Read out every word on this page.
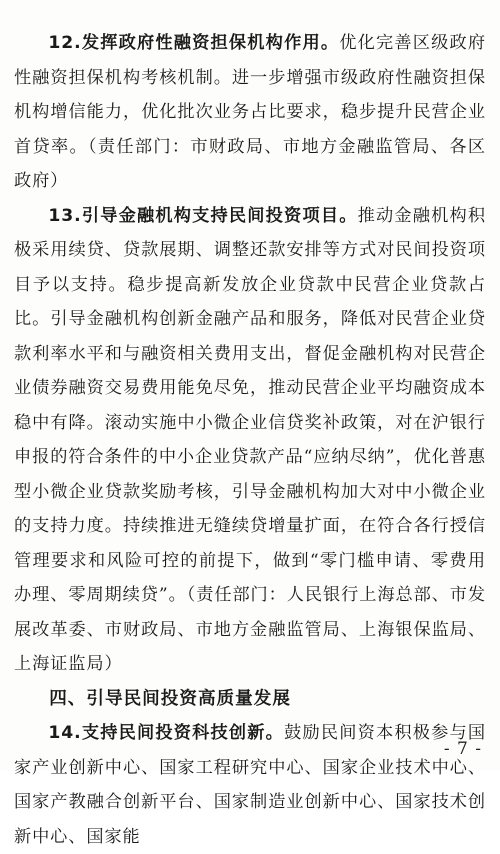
12.发挥政府性融资担保机构作用。优化完善区级政府性融资担保机构考核机制。进一步增强市级政府性融资担保机构增信能力，优化批次业务占比要求，稳步提升民营企业首贷率。（责任部门：市财政局、市地方金融监管局、各区政府）

13.引导金融机构支持民间投资项目。推动金融机构积极采用续贷、贷款展期、调整还款安排等方式对民间投资项目予以支持。稳步提高新发放企业贷款中民营企业贷款占比。引导金融机构创新金融产品和服务，降低对民营企业贷款利率水平和与融资相关费用支出，督促金融机构对民营企业债券融资交易费用能免尽免，推动民营企业平均融资成本稳中有降。滚动实施中小微企业信贷奖补政策，对在沪银行申报的符合条件的中小企业贷款产品“应纳尽纳”，优化普惠型小微企业贷款奖励考核，引导金融机构加大对中小微企业的支持力度。持续推进无缝续贷增量扩面，在符合各行授信管理要求和风险可控的前提下，做到“零门槛申请、零费用办理、零周期续贷”。（责任部门：人民银行上海总部、市发展改革委、市财政局、市地方金融监管局、上海银保监局、上海证监局）

四、引导民间投资高质量发展

14.支持民间投资科技创新。鼓励民间资本积极参与国家产业创新中心、国家工程研究中心、国家企业技术中心、国家产教融合创新平台、国家制造业创新中心、国家技术创新中心、国家能

- 7 -
